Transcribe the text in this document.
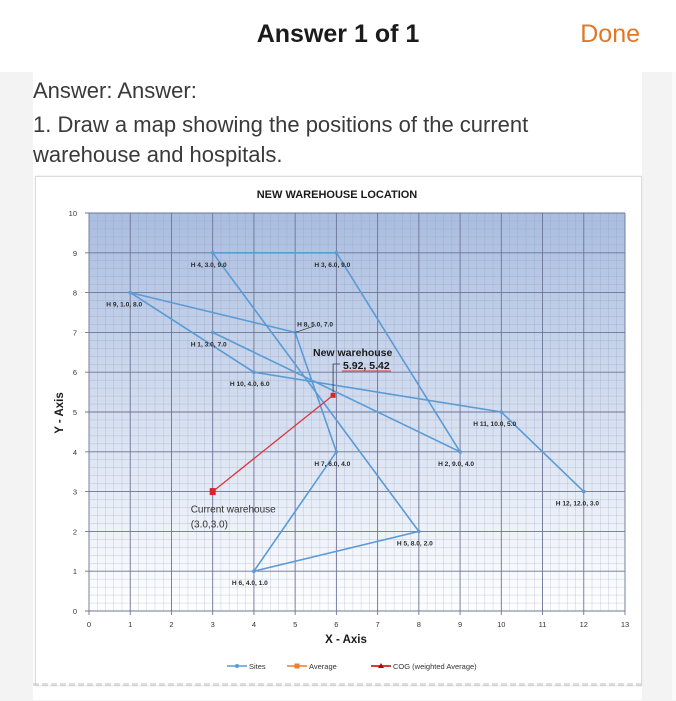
Answer 1 of 1	Done
Answer: Answer:
1. Draw a map showing the positions of the current warehouse and hospitals.
NEW WAREHOUSE LOCATION
0	1	2	3	4	5	6	7	8	9	10	11	12	13
0
1
2
3
4
5
6
7
8
9
10
H 1, 3.0, 7.0
H 2, 9.0, 4.0
H 3, 6.0, 9.0
H 4, 3.0, 9.0
H 5, 8.0, 2.0
H 6, 4.0, 1.0
H 7, 6.0, 4.0
H 8, 5.0, 7.0
H 9, 1.0, 8.0
H 10, 4.0, 6.0
H 11, 10.0, 5.0
H 12, 12.0, 3.0
Current warehouse
(3.0,3.0)
New warehouse
5.92, 5.42
X - Axis
Y - Axis
Sites	Average	COG (weighted Average)
